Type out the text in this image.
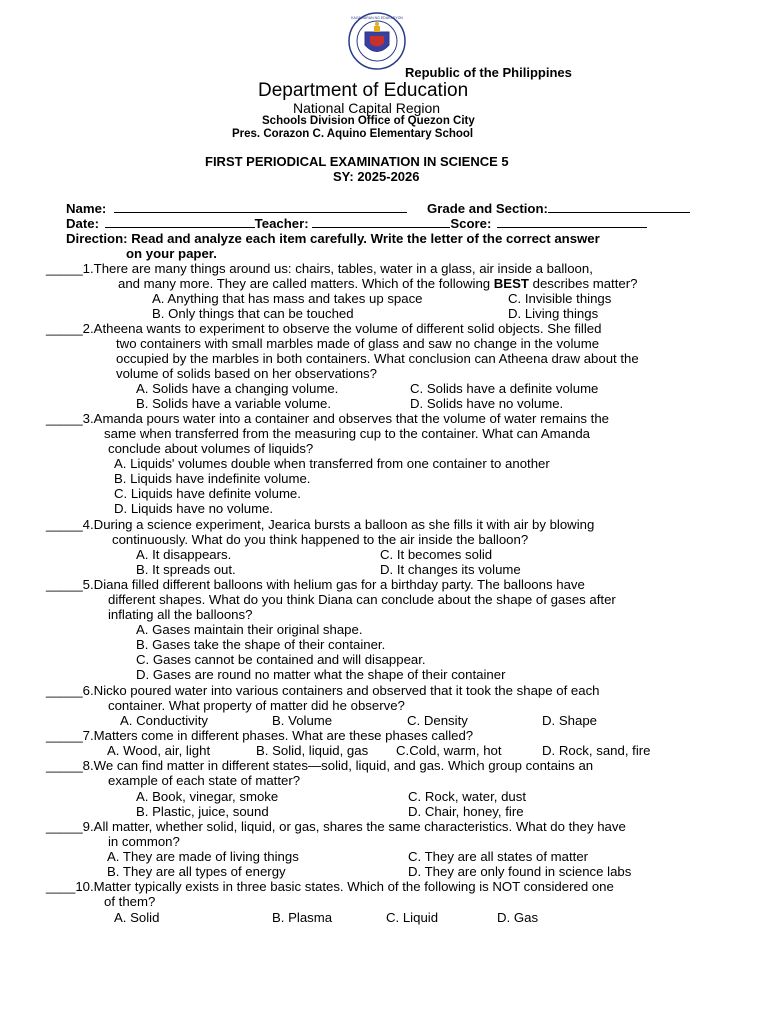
KAGAWARAN NG EDUKASYON
Republic of the Philippines
Department of Education
National Capital Region
Schools Division Office of Quezon City
Pres. Corazon C. Aquino Elementary School
FIRST PERIODICAL EXAMINATION IN SCIENCE 5
SY: 2025-2026
Name:	Grade and Section:
Date:	Teacher:	Score:
Direction: Read and analyze each item carefully. Write the letter of the correct answer
on your paper.
_____1.There are many things around us: chairs, tables, water in a glass, air inside a balloon,
and many more. They are called matters. Which of the following BEST describes matter?
A. Anything that has mass and takes up space	C. Invisible things
B. Only things that can be touched	D. Living things
_____2.Atheena wants to experiment to observe the volume of different solid objects. She filled
two containers with small marbles made of glass and saw no change in the volume
occupied by the marbles in both containers. What conclusion can Atheena draw about the
volume of solids based on her observations?
A. Solids have a changing volume.	C. Solids have a definite volume
B. Solids have a variable volume.	D. Solids have no volume.
_____3.Amanda pours water into a container and observes that the volume of water remains the
same when transferred from the measuring cup to the container. What can Amanda
conclude about volumes of liquids?
A. Liquids' volumes double when transferred from one container to another
B. Liquids have indefinite volume.
C. Liquids have definite volume.
D. Liquids have no volume.
_____4.During a science experiment, Jearica bursts a balloon as she fills it with air by blowing
continuously. What do you think happened to the air inside the balloon?
A. It disappears.	C. It becomes solid
B. It spreads out.	D. It changes its volume
_____5.Diana filled different balloons with helium gas for a birthday party. The balloons have
different shapes. What do you think Diana can conclude about the shape of gases after
inflating all the balloons?
A. Gases maintain their original shape.
B. Gases take the shape of their container.
C. Gases cannot be contained and will disappear.
D. Gases are round no matter what the shape of their container
_____6.Nicko poured water into various containers and observed that it took the shape of each
container. What property of matter did he observe?
A. Conductivity	B. Volume	C. Density	D. Shape
_____7.Matters come in different phases. What are these phases called?
A. Wood, air, light	B. Solid, liquid, gas C.Cold, warm, hot	D. Rock, sand, fire
_____8.We can find matter in different states—solid, liquid, and gas. Which group contains an
example of each state of matter?
A. Book, vinegar, smoke	C. Rock, water, dust
B. Plastic, juice, sound	D. Chair, honey, fire
_____9.All matter, whether solid, liquid, or gas, shares the same characteristics. What do they have
in common?
A. They are made of living things	C. They are all states of matter
B. They are all types of energy	D. They are only found in science labs
____10.Matter typically exists in three basic states. Which of the following is NOT considered one
of them?
A. Solid	B. Plasma	C. Liquid	D. Gas
